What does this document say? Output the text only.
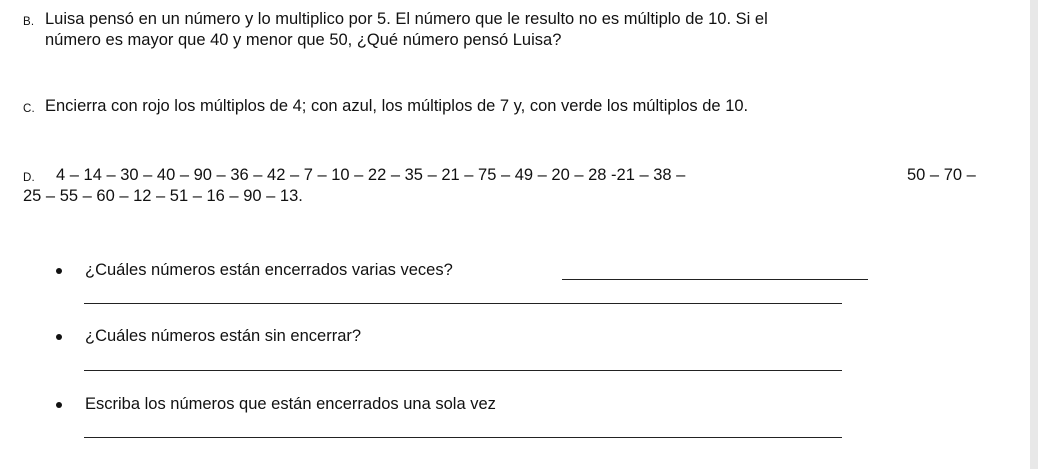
B. Luisa pensó en un número y lo multiplico por 5. El número que le resulto no es múltiplo de 10. Si el
número es mayor que 40 y menor que 50, ¿Qué número pensó Luisa?
C. Encierra con rojo los múltiplos de 4; con azul, los múltiplos de 7 y, con verde los múltiplos de 10.
D. 4 – 14 – 30 – 40 – 90 – 36 – 42 – 7 – 10 – 22 – 35 – 21 – 75 – 49 – 20 – 28 -21 – 38 –	50 – 70 –
25 – 55 – 60 – 12 – 51 – 16 – 90 – 13.
¿Cuáles números están encerrados varias veces?
¿Cuáles números están sin encerrar?
Escriba los números que están encerrados una sola vez
